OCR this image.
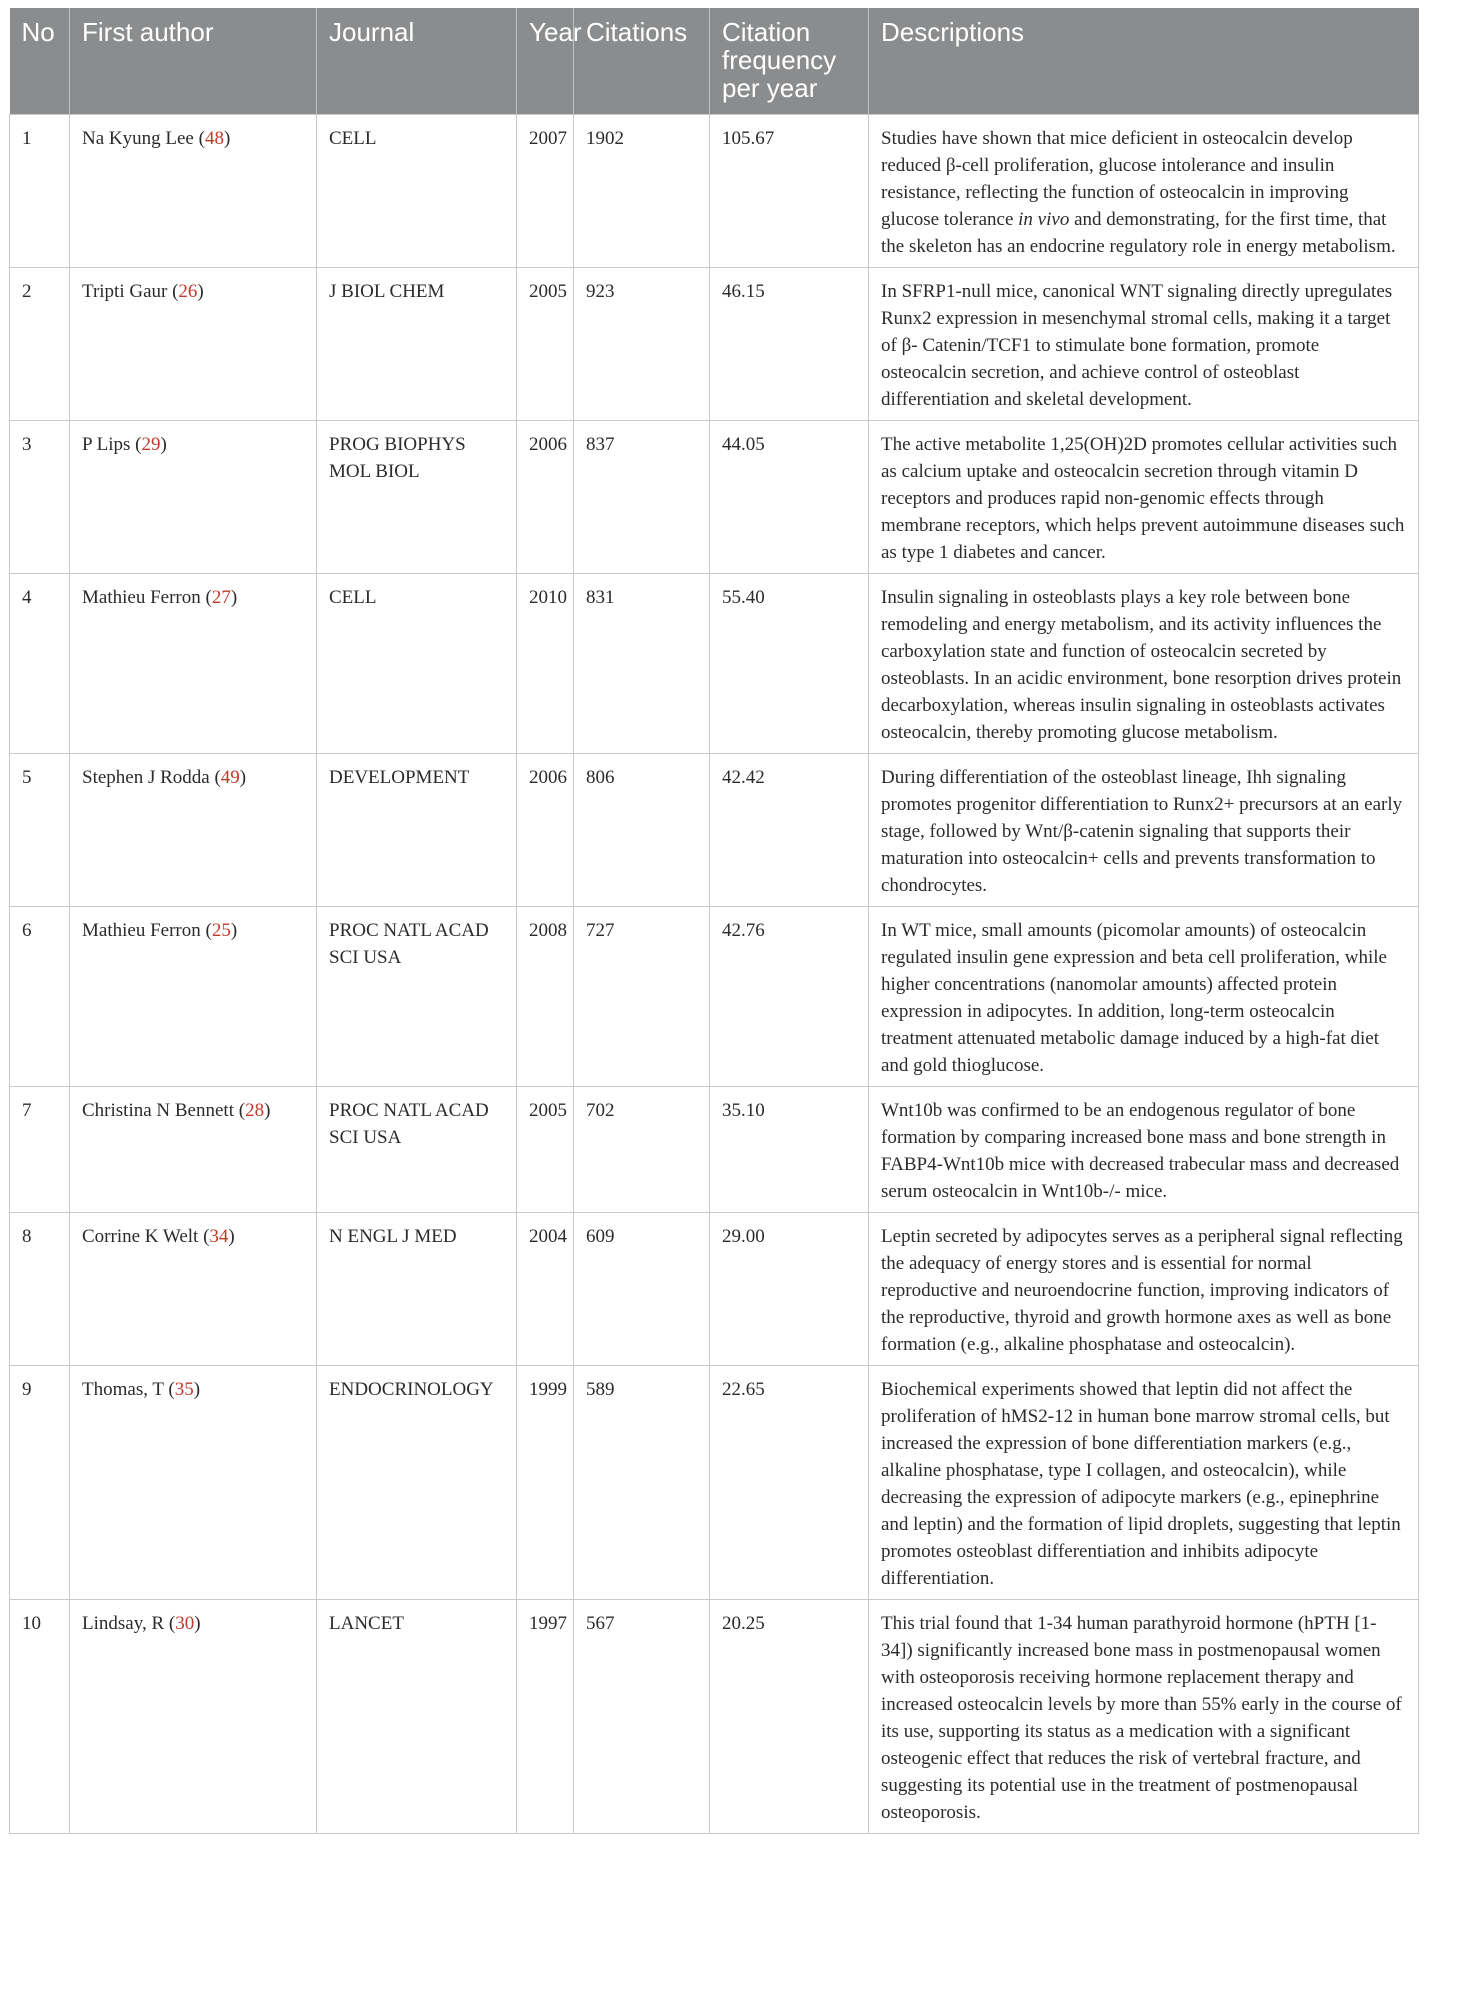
No	First author	Journal	Year	Citations	Citation frequency per year	Descriptions
1	Na Kyung Lee (48)	CELL	2007	1902	105.67	Studies have shown that mice deficient in osteocalcin develop reduced β-cell proliferation, glucose intolerance and insulin resistance, reflecting the function of osteocalcin in improving glucose tolerance in vivo and demonstrating, for the first time, that the skeleton has an endocrine regulatory role in energy metabolism.
2	Tripti Gaur (26)	J BIOL CHEM	2005	923	46.15	In SFRP1-null mice, canonical WNT signaling directly upregulates Runx2 expression in mesenchymal stromal cells, making it a target of β- Catenin/TCF1 to stimulate bone formation, promote osteocalcin secretion, and achieve control of osteoblast differentiation and skeletal development.
3	P Lips (29)	PROG BIOPHYS MOL BIOL	2006	837	44.05	The active metabolite 1,25(OH)2D promotes cellular activities such as calcium uptake and osteocalcin secretion through vitamin D receptors and produces rapid non-genomic effects through membrane receptors, which helps prevent autoimmune diseases such as type 1 diabetes and cancer.
4	Mathieu Ferron (27)	CELL	2010	831	55.40	Insulin signaling in osteoblasts plays a key role between bone remodeling and energy metabolism, and its activity influences the carboxylation state and function of osteocalcin secreted by osteoblasts. In an acidic environment, bone resorption drives protein decarboxylation, whereas insulin signaling in osteoblasts activates osteocalcin, thereby promoting glucose metabolism.
5	Stephen J Rodda (49)	DEVELOPMENT	2006	806	42.42	During differentiation of the osteoblast lineage, Ihh signaling promotes progenitor differentiation to Runx2+ precursors at an early stage, followed by Wnt/β-catenin signaling that supports their maturation into osteocalcin+ cells and prevents transformation to chondrocytes.
6	Mathieu Ferron (25)	PROC NATL ACAD SCI USA	2008	727	42.76	In WT mice, small amounts (picomolar amounts) of osteocalcin regulated insulin gene expression and beta cell proliferation, while higher concentrations (nanomolar amounts) affected protein expression in adipocytes. In addition, long-term osteocalcin treatment attenuated metabolic damage induced by a high-fat diet and gold thioglucose.
7	Christina N Bennett (28)	PROC NATL ACAD SCI USA	2005	702	35.10	Wnt10b was confirmed to be an endogenous regulator of bone formation by comparing increased bone mass and bone strength in FABP4-Wnt10b mice with decreased trabecular mass and decreased serum osteocalcin in Wnt10b-/- mice.
8	Corrine K Welt (34)	N ENGL J MED	2004	609	29.00	Leptin secreted by adipocytes serves as a peripheral signal reflecting the adequacy of energy stores and is essential for normal reproductive and neuroendocrine function, improving indicators of the reproductive, thyroid and growth hormone axes as well as bone formation (e.g., alkaline phosphatase and osteocalcin).
9	Thomas, T (35)	ENDOCRINOLOGY	1999	589	22.65	Biochemical experiments showed that leptin did not affect the proliferation of hMS2-12 in human bone marrow stromal cells, but increased the expression of bone differentiation markers (e.g., alkaline phosphatase, type I collagen, and osteocalcin), while decreasing the expression of adipocyte markers (e.g., epinephrine and leptin) and the formation of lipid droplets, suggesting that leptin promotes osteoblast differentiation and inhibits adipocyte differentiation.
10	Lindsay, R (30)	LANCET	1997	567	20.25	This trial found that 1-34 human parathyroid hormone (hPTH [1-34]) significantly increased bone mass in postmenopausal women with osteoporosis receiving hormone replacement therapy and increased osteocalcin levels by more than 55% early in the course of its use, supporting its status as a medication with a significant osteogenic effect that reduces the risk of vertebral fracture, and suggesting its potential use in the treatment of postmenopausal osteoporosis.
